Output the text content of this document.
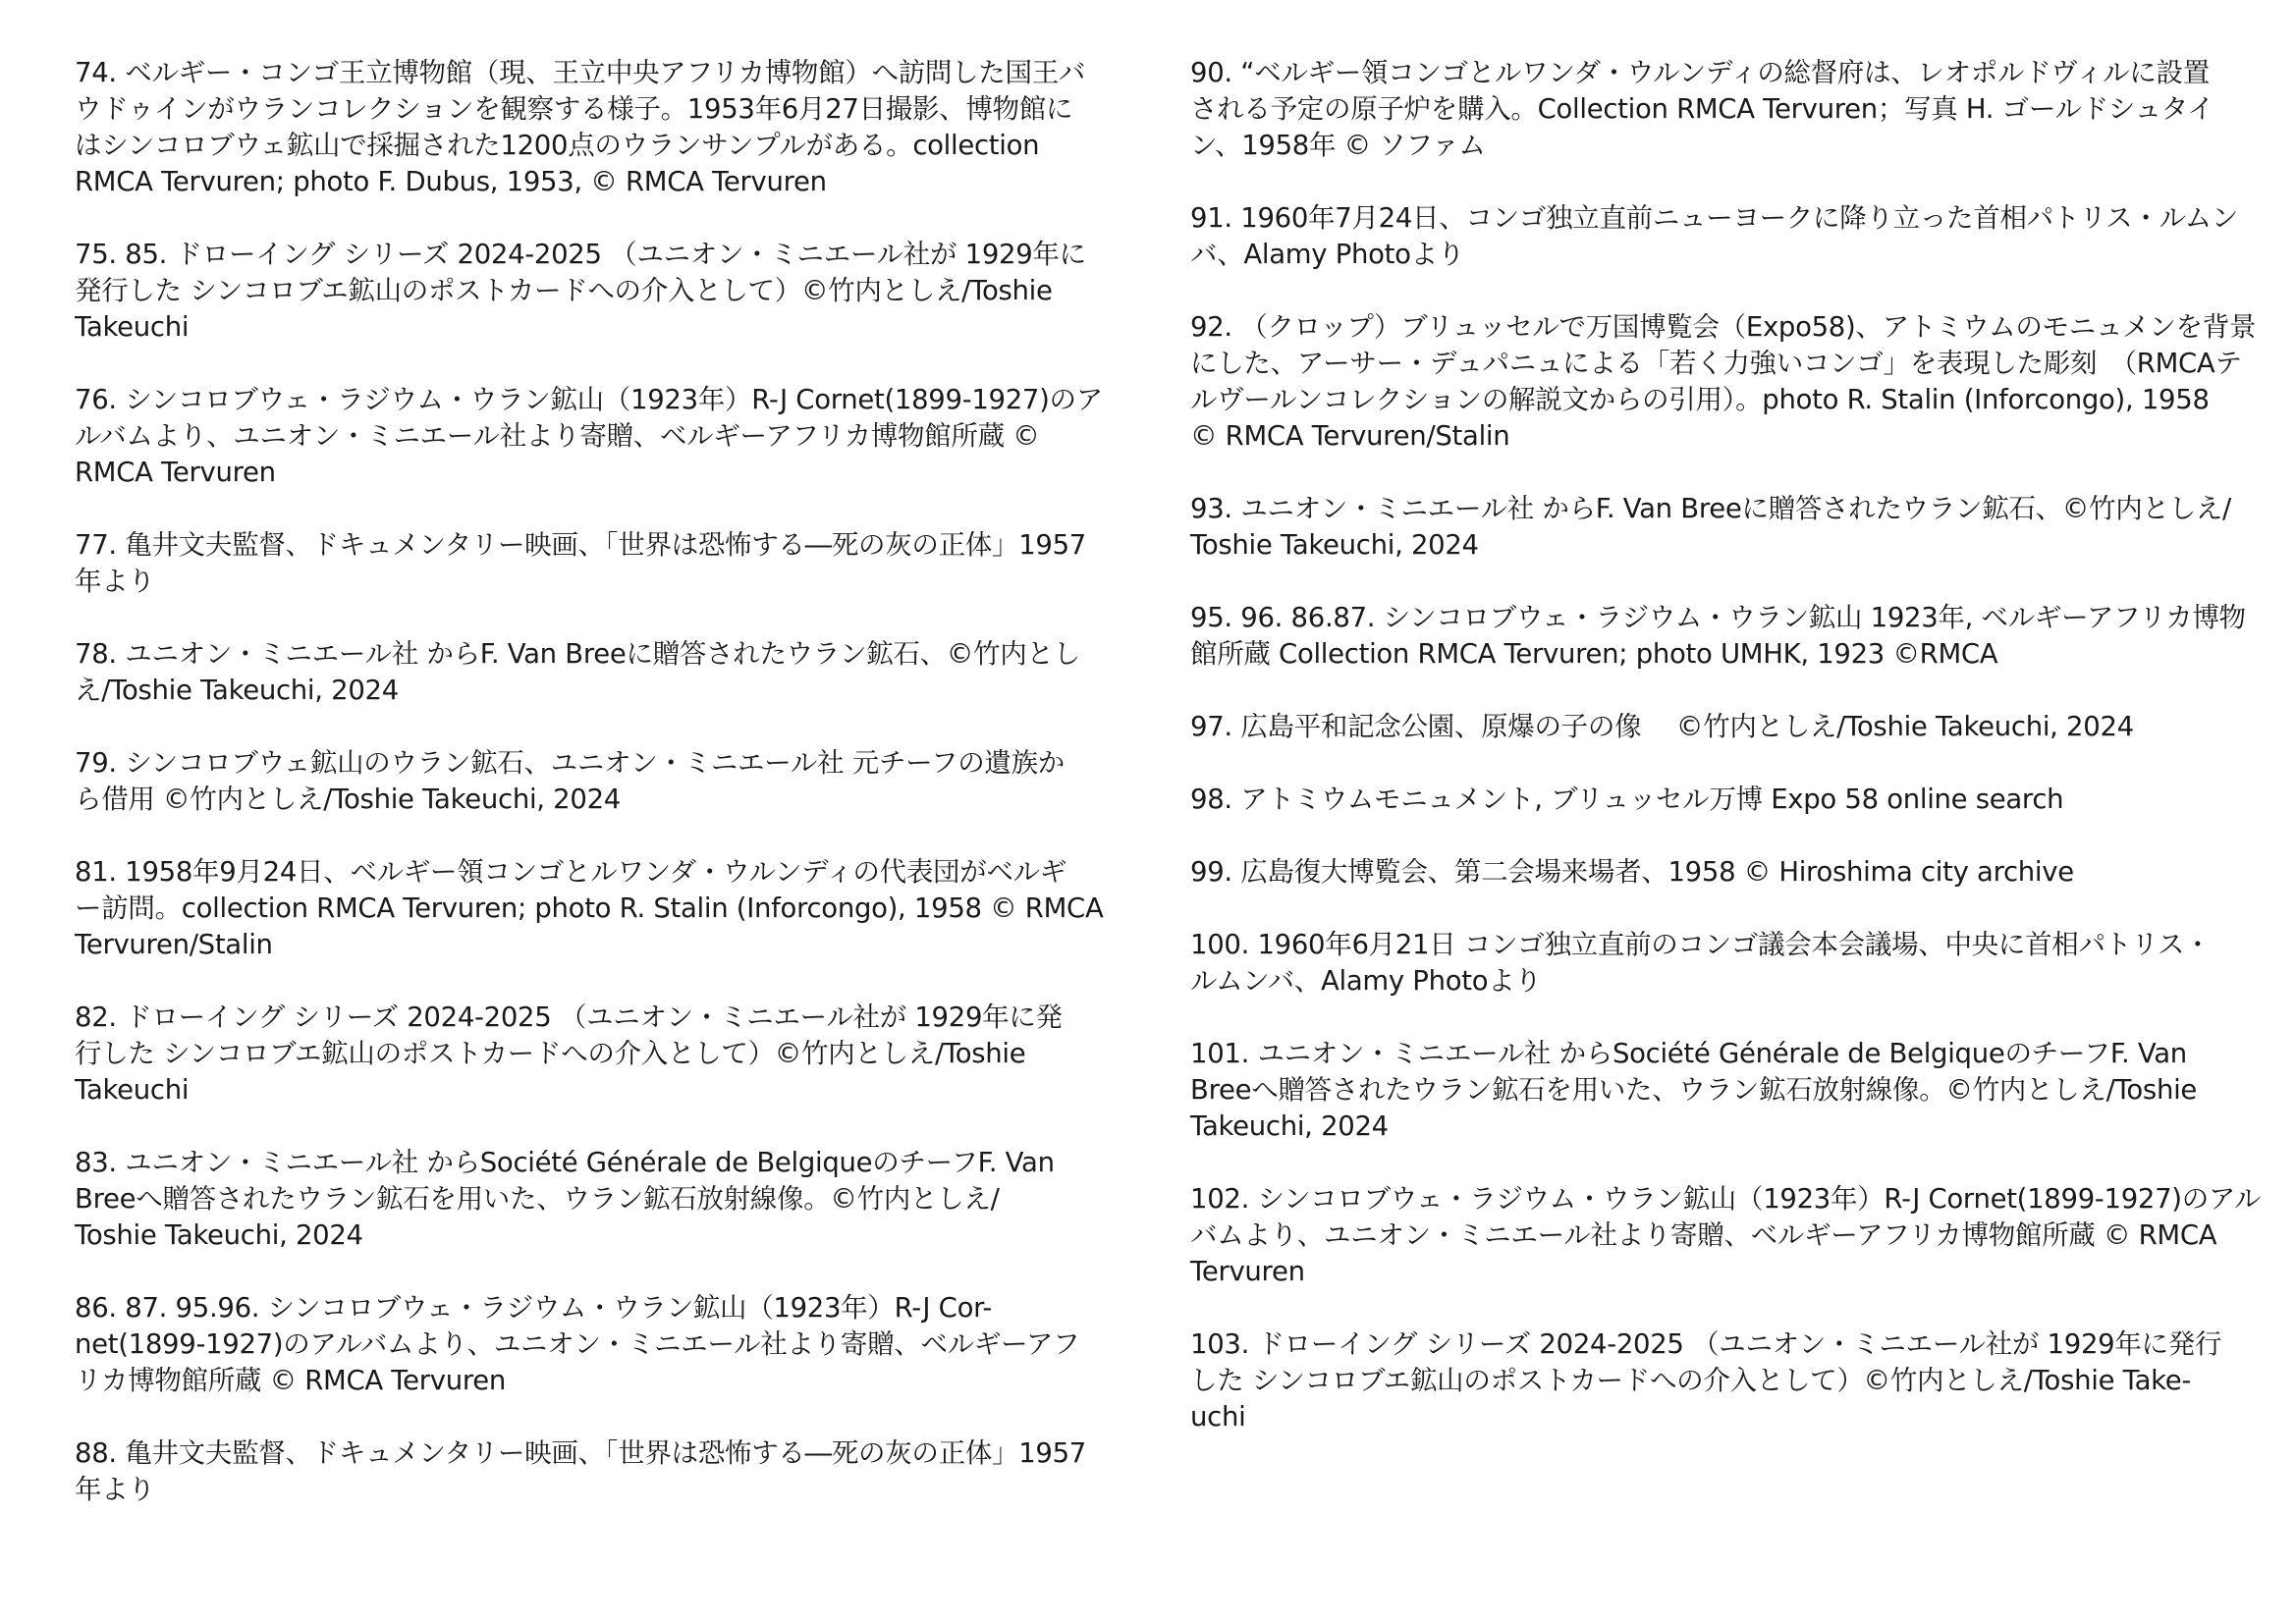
74. ベルギー・コンゴ王立博物館（現、王立中央アフリカ博物館）へ訪問した国王バ
ウドゥインがウランコレクションを観察する様子。1953年6月27日撮影、博物館に
はシンコロブウェ鉱山で採掘された1200点のウランサンプルがある。collection
RMCA Tervuren; photo F. Dubus, 1953, © RMCA Tervuren

75. 85. ドローイング シリーズ 2024-2025 （ユニオン・ミニエール社が 1929年に
発行した シンコロブエ鉱山のポストカードへの介入として）©竹内としえ/Toshie
Takeuchi

76. シンコロブウェ・ラジウム・ウラン鉱山（1923年）R-J Cornet(1899-1927)のア
ルバムより、ユニオン・ミニエール社より寄贈、ベルギーアフリカ博物館所蔵 ©
RMCA Tervuren

77. 亀井文夫監督、ドキュメンタリー映画、「世界は恐怖する―死の灰の正体」1957
年より

78. ユニオン・ミニエール社 からF. Van Breeに贈答されたウラン鉱石、©竹内とし
え/Toshie Takeuchi, 2024

79. シンコロブウェ鉱山のウラン鉱石、ユニオン・ミニエール社 元チーフの遺族か
ら借用 ©竹内としえ/Toshie Takeuchi, 2024

81. 1958年9月24日、ベルギー領コンゴとルワンダ・ウルンディの代表団がベルギ
ー訪問。collection RMCA Tervuren; photo R. Stalin (Inforcongo), 1958 © RMCA
Tervuren/Stalin

82. ドローイング シリーズ 2024-2025 （ユニオン・ミニエール社が 1929年に発
行した シンコロブエ鉱山のポストカードへの介入として）©竹内としえ/Toshie
Takeuchi

83. ユニオン・ミニエール社 からSociété Générale de BelgiqueのチーフF. Van
Breeへ贈答されたウラン鉱石を用いた、ウラン鉱石放射線像。©竹内としえ/
Toshie Takeuchi, 2024

86. 87. 95.96. シンコロブウェ・ラジウム・ウラン鉱山（1923年）R-J Cor-
net(1899-1927)のアルバムより、ユニオン・ミニエール社より寄贈、ベルギーアフ
リカ博物館所蔵 © RMCA Tervuren

88. 亀井文夫監督、ドキュメンタリー映画、「世界は恐怖する―死の灰の正体」1957
年より

90. “ベルギー領コンゴとルワンダ・ウルンディの総督府は、レオポルドヴィルに設置
される予定の原子炉を購入。Collection RMCA Tervuren；写真 H. ゴールドシュタイ
ン、1958年 © ソファム

91. 1960年7月24日、コンゴ独立直前ニューヨークに降り立った首相パトリス・ルムン
バ、Alamy Photoより

92. （クロップ）ブリュッセルで万国博覧会（Expo58)、アトミウムのモニュメンを背景
にした、アーサー・デュパニュによる「若く力強いコンゴ」を表現した彫刻　（RMCAテ
ルヴールンコレクションの解説文からの引用）。photo R. Stalin (Inforcongo), 1958
© RMCA Tervuren/Stalin

93. ユニオン・ミニエール社 からF. Van Breeに贈答されたウラン鉱石、©竹内としえ/
Toshie Takeuchi, 2024

95. 96. 86.87. シンコロブウェ・ラジウム・ウラン鉱山 1923年, ベルギーアフリカ博物
館所蔵 Collection RMCA Tervuren; photo UMHK, 1923 ©RMCA

97. 広島平和記念公園、原爆の子の像　 ©竹内としえ/Toshie Takeuchi, 2024

98. アトミウムモニュメント, ブリュッセル万博 Expo 58 online search

99. 広島復大博覧会、第二会場来場者、1958 © Hiroshima city archive

100. 1960年6月21日 コンゴ独立直前のコンゴ議会本会議場、中央に首相パトリス・
ルムンバ、Alamy Photoより

101. ユニオン・ミニエール社 からSociété Générale de BelgiqueのチーフF. Van
Breeへ贈答されたウラン鉱石を用いた、ウラン鉱石放射線像。©竹内としえ/Toshie
Takeuchi, 2024

102. シンコロブウェ・ラジウム・ウラン鉱山（1923年）R-J Cornet(1899-1927)のアル
バムより、ユニオン・ミニエール社より寄贈、ベルギーアフリカ博物館所蔵 © RMCA
Tervuren

103. ドローイング シリーズ 2024-2025 （ユニオン・ミニエール社が 1929年に発行
した シンコロブエ鉱山のポストカードへの介入として）©竹内としえ/Toshie Take-
uchi
